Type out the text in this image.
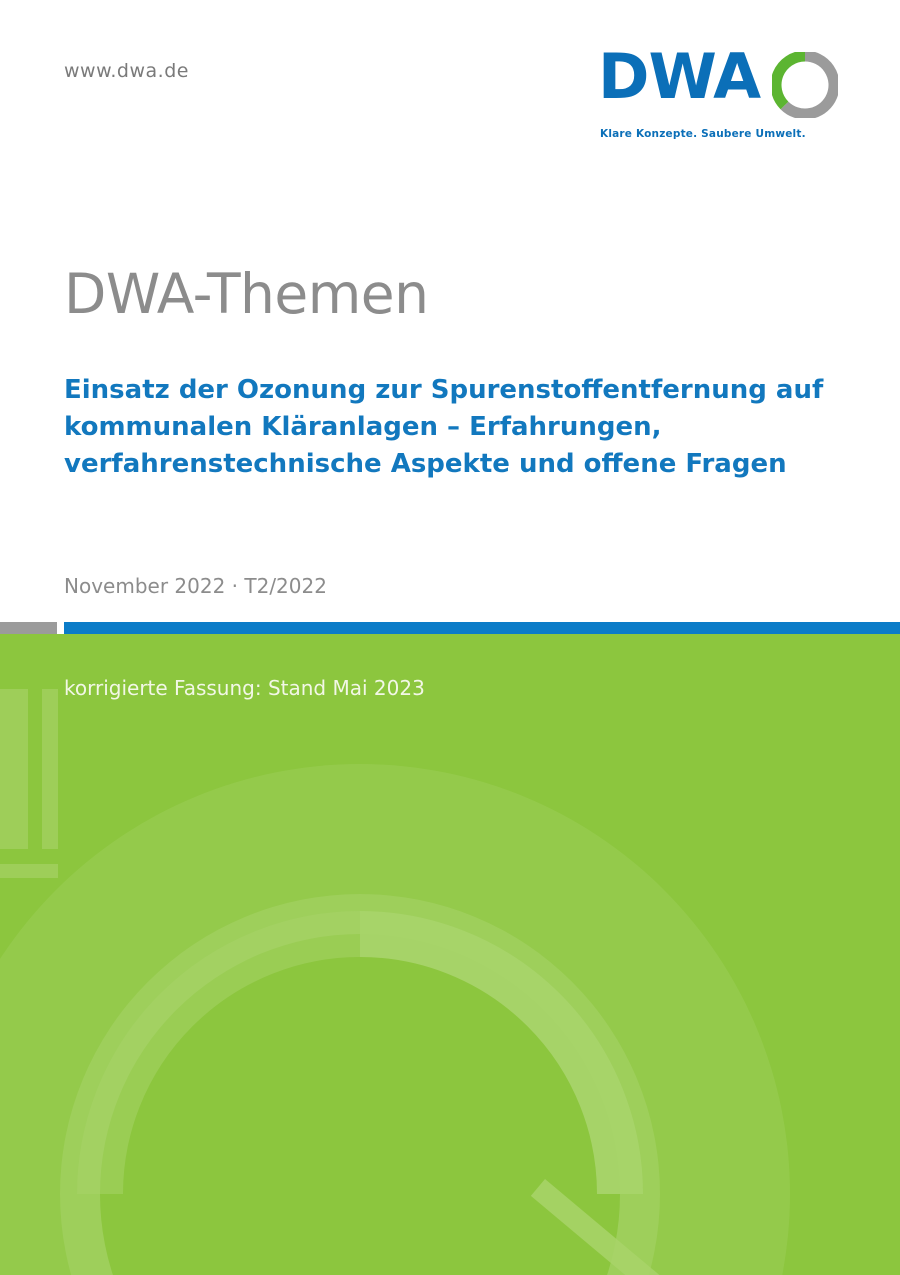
www.dwa.de	DWA
Klare Konzepte. Saubere Umwelt.
DWA-Themen
Einsatz der Ozonung zur Spurenstoffentfernung auf kommunalen Kläranlagen – Erfahrungen, verfahrenstechnische Aspekte und offene Fragen
November 2022 · T2/2022
korrigierte Fassung: Stand Mai 2023
